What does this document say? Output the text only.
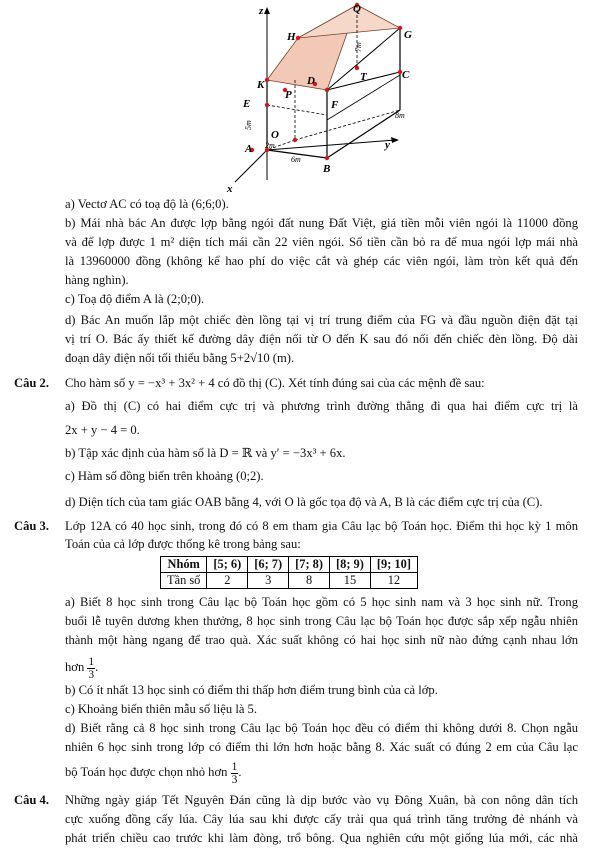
z	Q
H	G
K	D	C
P
E	F
T
O
A
B
y
x
7m
5m
2m
6m
8m
a) Vectơ AC có toạ độ là (6;6;0).
b) Mái nhà bác An được lợp bằng ngói đất nung Đất Việt, giá tiền mỗi viên ngói là 11000 đồng
và để lợp được 1 m² diện tích mái cần 22 viên ngói. Số tiền cần bỏ ra để mua ngói lợp mái nhà
là 13960000 đồng (không kể hao phí do việc cắt và ghép các viên ngói, làm tròn kết quả đến
hàng nghìn).
c) Toạ độ điểm A là (2;0;0).
d) Bác An muốn lắp một chiếc đèn lồng tại vị trí trung điểm của FG và đầu nguồn điện đặt tại
vị trí O. Bác ấy thiết kế đường dây điện nối từ O đến K sau đó nối đến chiếc đèn lồng. Độ dài
đoạn dây điện nối tối thiểu bằng 5+2√10 (m).
Câu 2. Cho hàm số y = −x³ + 3x² + 4 có đồ thị (C). Xét tính đúng sai của các mệnh đề sau:
a) Đồ thị (C) có hai điểm cực trị và phương trình đường thẳng đi qua hai điểm cực trị là
2x + y − 4 = 0.
b) Tập xác định của hàm số là D = ℝ và y′ = −3x³ + 6x.
c) Hàm số đồng biến trên khoảng (0;2).
d) Diện tích của tam giác OAB bằng 4, với O là gốc tọa độ và A, B là các điểm cực trị của (C).
Câu 3. Lớp 12A có 40 học sinh, trong đó có 8 em tham gia Câu lạc bộ Toán học. Điểm thi học kỳ 1 môn
Toán của cả lớp được thống kê trong bảng sau:
Nhóm	[5; 6)	[6; 7)	[7; 8)	[8; 9)	[9; 10]
Tần số	2	3	8	15	12
a) Biết 8 học sinh trong Câu lạc bộ Toán học gồm có 5 học sinh nam và 3 học sinh nữ. Trong
buổi lễ tuyên dương khen thưởng, 8 học sinh trong Câu lạc bộ Toán học được sắp xếp ngẫu nhiên
thành một hàng ngang để trao quà. Xác suất không có hai học sinh nữ nào đứng cạnh nhau lớn
hơn $\frac{1}{3}$ .
b) Có ít nhất 13 học sinh có điểm thi thấp hơn điểm trung bình của cả lớp.
c) Khoảng biến thiên mẫu số liệu là 5.
d) Biết rằng cả 8 học sinh trong Câu lạc bộ Toán học đều có điểm thi không dưới 8. Chọn ngẫu
nhiên 6 học sinh trong lớp có điểm thi lớn hơn hoặc bằng 8. Xác suất có đúng 2 em của Câu lạc
bộ Toán học được chọn nhỏ hơn $\frac{1}{3}$ .
Câu 4. Những ngày giáp Tết Nguyên Đán cũng là dịp bước vào vụ Đông Xuân, bà con nông dân tích
cực xuống đồng cấy lúa. Cây lúa sau khi được cấy trải qua quá trình tăng trưởng đẻ nhánh và
phát triển chiều cao trước khi làm đòng, trổ bông. Qua nghiên cứu một giống lúa mới, các nhà
